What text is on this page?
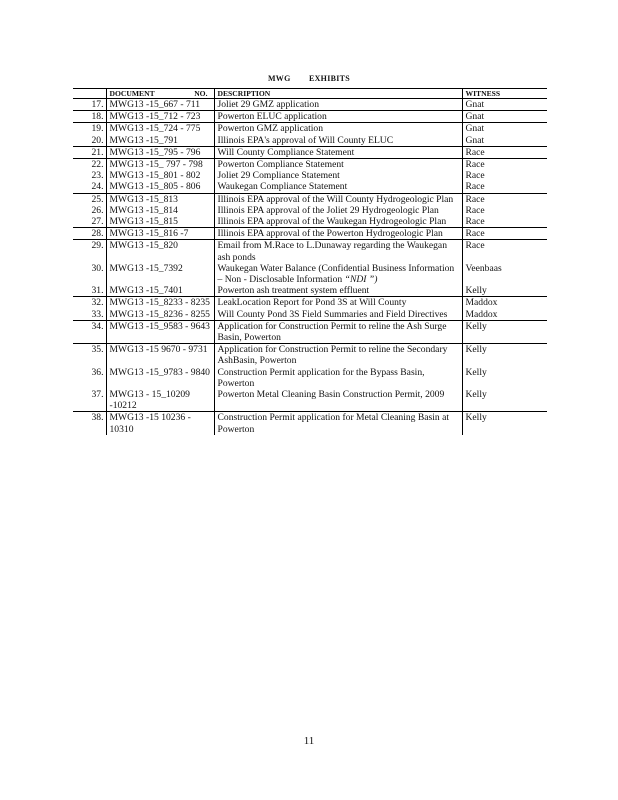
MWG EXHIBITS
	DOCUMENT NO.	DESCRIPTION	WITNESS
17.	MWG13 -15_667 - 711	Joliet 29 GMZ application	Gnat
18.	MWG13 -15_712 - 723	Powerton ELUC application	Gnat
19.	MWG13 -15_724 - 775	Powerton GMZ application	Gnat
20.	MWG13 -15_791	Illinois EPA's approval of Will County ELUC	Gnat
21.	MWG13 -15_795 - 796	Will County Compliance Statement	Race
22.	MWG13 -15_ 797 - 798	Powerton Compliance Statement	Race
23.	MWG13 -15_801 - 802	Joliet 29 Compliance Statement	Race
24.	MWG13 -15_805 - 806	Waukegan Compliance Statement	Race
25.	MWG13 -15_813	Illinois EPA approval of the Will County Hydrogeologic Plan	Race
26.	MWG13 -15_814	Illinois EPA approval of the Joliet 29 Hydrogeologic Plan	Race
27.	MWG13 -15_815	Illinois EPA approval of the Waukegan Hydrogeologic Plan	Race
28.	MWG13 -15_816 -7	Illinois EPA approval of the Powerton Hydrogeologic Plan	Race
29.	MWG13 -15_820	Email from M.Race to L.Dunaway regarding the Waukegan ash ponds	Race
30.	MWG13 -15_7392	Waukegan Water Balance (Confidential Business Information – Non - Disclosable Information “NDI ”)	Veenbaas
31.	MWG13 -15_7401	Powerton ash treatment system effluent	Kelly
32.	MWG13 -15_8233 - 8235	LeakLocation Report for Pond 3S at Will County	Maddox
33.	MWG13 -15_8236 - 8255	Will County Pond 3S Field Summaries and Field Directives	Maddox
34.	MWG13 -15_9583 - 9643	Application for Construction Permit to reline the Ash Surge Basin, Powerton	Kelly
35.	MWG13 -15 9670 - 9731	Application for Construction Permit to reline the Secondary AshBasin, Powerton	Kelly
36.	MWG13 -15_9783 - 9840	Construction Permit application for the Bypass Basin, Powerton	Kelly
37.	MWG13 - 15_10209 -10212	Powerton Metal Cleaning Basin Construction Permit, 2009	Kelly
38.	MWG13 -15 10236 - 10310	Construction Permit application for Metal Cleaning Basin at Powerton	Kelly
11
